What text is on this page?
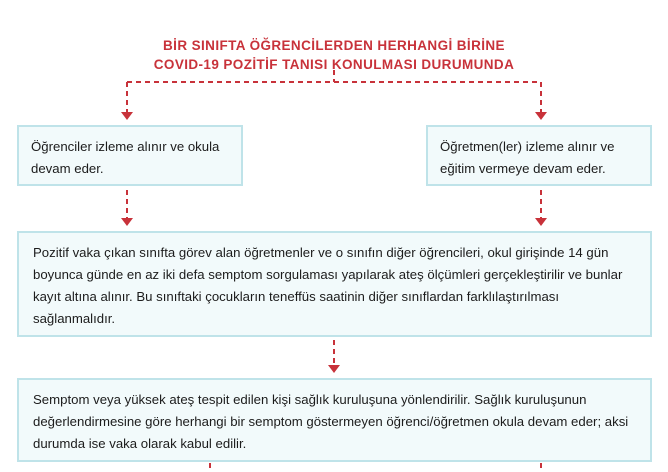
BİR SINIFTA ÖĞRENCİLERDEN HERHANGİ BİRİNE
COVID-19 POZİTİF TANISI KONULMASI DURUMUNDA
Öğrenciler izleme alınır ve okula devam eder.
Öğretmen(ler) izleme alınır ve eğitim vermeye devam eder.
Pozitif vaka çıkan sınıfta görev alan öğretmenler ve o sınıfın diğer öğrencileri, okul girişinde 14 gün boyunca günde en az iki defa semptom sorgulaması yapılarak ateş ölçümleri gerçekleştirilir ve bunlar kayıt altına alınır. Bu sınıftaki çocukların teneffüs saatinin diğer sınıflardan farklılaştırılması sağlanmalıdır.
Semptom veya yüksek ateş tespit edilen kişi sağlık kuruluşuna yönlendirilir. Sağlık kuruluşunun değerlendirmesine göre herhangi bir semptom göstermeyen öğrenci/öğretmen okula devam eder; aksi durumda ise vaka olarak kabul edilir.
